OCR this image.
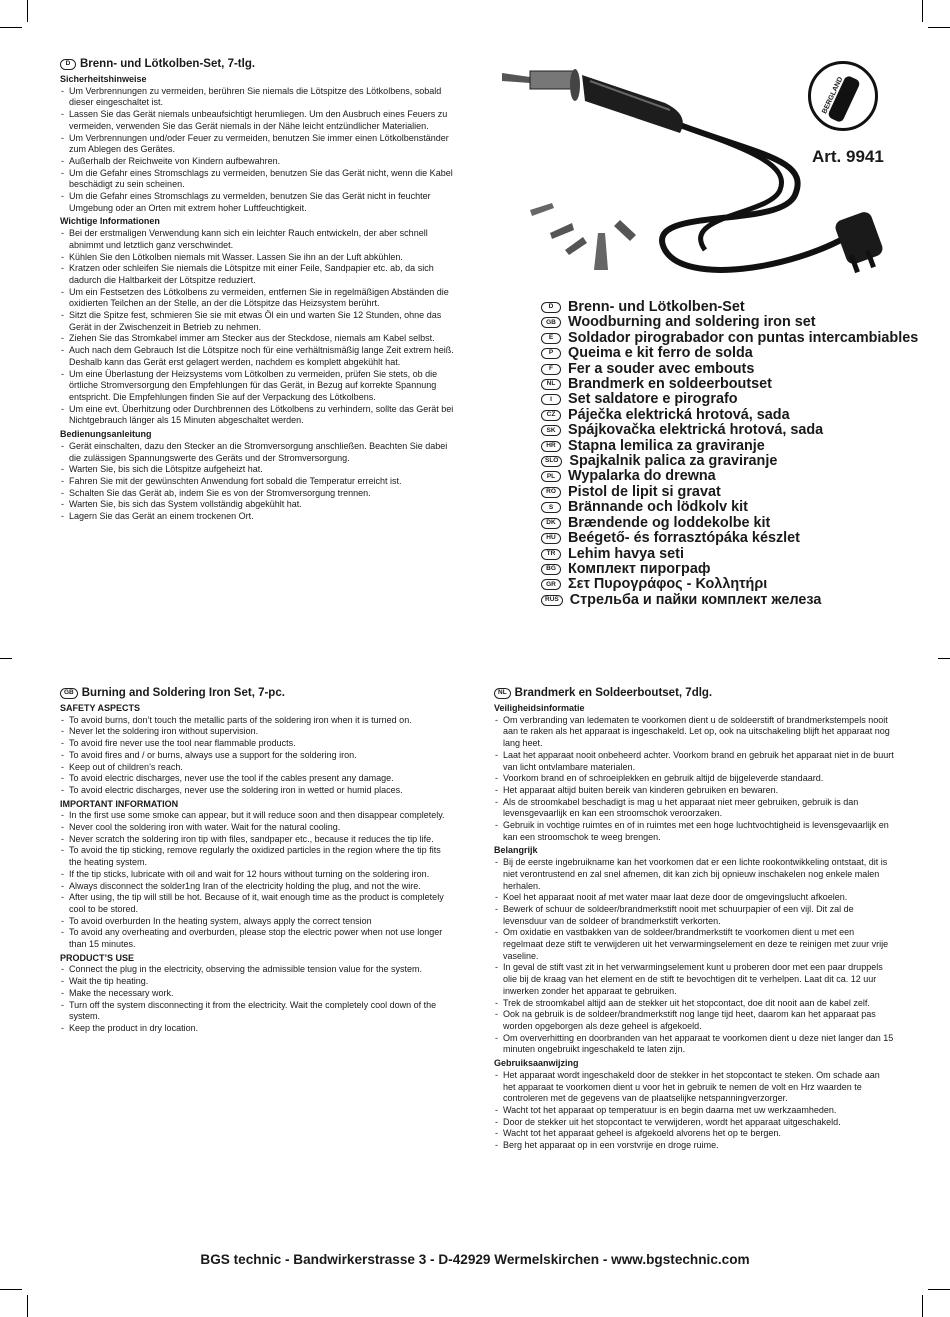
D Brenn- und Lötkolben-Set, 7-tlg.
Sicherheitshinweise
- Um Verbrennungen zu vermeiden, berühren Sie niemals die Lötspitze des Lötkolbens, sobald dieser eingeschaltet ist.
- Lassen Sie das Gerät niemals unbeaufsichtigt herumliegen. Um den Ausbruch eines Feuers zu vermeiden, verwenden Sie das Gerät niemals in der Nähe leicht entzündlicher Materialien.
- Um Verbrennungen und/oder Feuer zu vermeiden, benutzen Sie immer einen Lötkolbenständer zum Ablegen des Gerätes.
- Außerhalb der Reichweite von Kindern aufbewahren.
- Um die Gefahr eines Stromschlags zu vermeiden, benutzen Sie das Gerät nicht, wenn die Kabel beschädigt zu sein scheinen.
- Um die Gefahr eines Stromschlags zu vermelden, benutzen Sie das Gerät nicht in feuchter Umgebung oder an Orten mit extrem hoher Luftfeuchtigkeit.
Wichtige Informationen
- Bei der erstmaligen Verwendung kann sich ein leichter Rauch entwickeln, der aber schnell abnimmt und letztlich ganz verschwindet.
- Kühlen Sie den Lötkolben niemals mit Wasser. Lassen Sie ihn an der Luft abkühlen.
- Kratzen oder schleifen Sie niemals die Lötspitze mit einer Feile, Sandpapier etc. ab, da sich dadurch die Haltbarkeit der Lötspitze reduziert.
- Um ein Festsetzen des Lötkolbens zu vermeiden, entfernen Sie in regelmäßigen Abständen die oxidierten Teilchen an der Stelle, an der die Lötspitze das Heizsystem berührt.
- Sitzt die Spitze fest, schmieren Sie sie mit etwas Öl ein und warten Sie 12 Stunden, ohne das Gerät in der Zwischenzeit in Betrieb zu nehmen.
- Ziehen Sie das Stromkabel immer am Stecker aus der Steckdose, niemals am Kabel selbst.
- Auch nach dem Gebrauch Ist die Lötspitze noch für eine verhältnismäßig lange Zeit extrem heiß. Deshalb kann das Gerät erst gelagert werden, nachdem es komplett abgekühlt hat.
- Um eine Überlastung der Heizsystems vom Lötkolben zu vermeiden, prüfen Sie stets, ob die örtliche Stromversorgung den Empfehlungen für das Gerät, in Bezug auf korrekte Spannung entspricht. Die Empfehlungen finden Sie auf der Verpackung des Lötkolbens.
- Um eine evt. Überhitzung oder Durchbrennen des Lötkolbens zu verhindern, sollte das Gerät bei Nichtgebrauch länger als 15 Minuten abgeschaltet werden.
Bedienungsanleitung
- Gerät einschalten, dazu den Stecker an die Stromversorgung anschließen. Beachten Sie dabei die zulässigen Spannungswerte des Geräts und der Stromversorgung.
- Warten Sie, bis sich die Lötspitze aufgeheizt hat.
- Fahren Sie mit der gewünschten Anwendung fort sobald die Temperatur erreicht ist.
- Schalten Sie das Gerät ab, indem Sie es von der Stromversorgung trennen.
- Warten Sie, bis sich das System vollständig abgekühlt hat.
- Lagern Sie das Gerät an einem trockenen Ort.
BERGLAND
Art. 9941
D	Brenn- und Lötkolben-Set
GB Woodburning and soldering iron set
E	Soldador pirograbador con puntas intercambiables
P	Queima e kit ferro de solda
F	Fer a souder avec embouts
NL Brandmerk en soldeerboutset
I	Set saldatore e pirografo
CZ Páječka elektrická hrotová, sada
SK Spájkovačka elektrická hrotová, sada
HR Stapna lemilica za graviranje
SLO Spajkalnik palica za graviranje
PL Wypalarka do drewna
RO Pistol de lipit si gravat
S	Brännande och lödkolv kit
DK Brændende og loddekolbe kit
HU Beégető- és forrasztópáka készlet
TR Lehim havya seti
BG Комплект пирограф
GR Σετ Πυρογράφος - Κολλητήρι
RUS Стрельба и пайки комплект железа
GB Burning and Soldering Iron Set, 7-pc.
SAFETY ASPECTS
- To avoid burns, don’t touch the metallic parts of the soldering iron when it is turned on.
- Never let the soldering iron without supervision.
- To avoid fire never use the tool near flammable products.
- To avoid fires and / or burns, always use a support for the soldering iron.
- Keep out of children’s reach.
- To avoid electric discharges, never use the tool if the cables present any damage.
- To avoid electric discharges, never use the soldering iron in wetted or humid places.
IMPORTANT INFORMATION
- In the first use some smoke can appear, but it will reduce soon and then disappear completely.
- Never cool the soldering iron with water. Wait for the natural cooling.
- Never scratch the soldering iron tip with files, sandpaper etc., because it reduces the tip life.
- To avoid the tip sticking, remove regularly the oxidized particles in the region where the tip fits the heating system.
- If the tip sticks, lubricate with oil and wait for 12 hours without turning on the soldering iron.
- Always disconnect the solder1ng Iran of the electricity holding the plug, and not the wire.
- After using, the tip will still be hot. Because of it, wait enough time as the product is completely cool to be stored.
- To avoid overburden In the heating system, always apply the correct tension
- To avoid any overheating and overburden, please stop the electric power when not use longer than 15 minutes.
PRODUCT’S USE
- Connect the plug in the electricity, observing the admissible tension value for the system.
- Wait the tip heating.
- Make the necessary work.
- Turn off the system disconnecting it from the electricity. Wait the completely cool down of the system.
- Keep the product in dry location.
NL Brandmerk en Soldeerboutset, 7dlg.
Veiligheidsinformatie
- Om verbranding van ledematen te voorkomen dient u de soldeerstift of brandmerkstempels nooit aan te raken als het apparaat is ingeschakeld. Let op, ook na uitschakeling blijft het apparaat nog lang heet.
- Laat het apparaat nooit onbeheerd achter. Voorkom brand en gebruik het apparaat niet in de buurt van licht ontvlambare materialen.
- Voorkom brand en of schroeiplekken en gebruik altijd de bijgeleverde standaard.
- Het apparaat altijd buiten bereik van kinderen gebruiken en bewaren.
- Als de stroomkabel beschadigt is mag u het apparaat niet meer gebruiken, gebruik is dan levensgevaarlijk en kan een stroomschok veroorzaken.
- Gebruik in vochtige ruimtes en of in ruimtes met een hoge luchtvochtigheid is levensgevaarlijk en kan een stroomschok te weeg brengen.
Belangrijk
- Bij de eerste ingebruikname kan het voorkomen dat er een lichte rookontwikkeling ontstaat, dit is niet verontrustend en zal snel afnemen, dit kan zich bij opnieuw inschakelen nog enkele malen herhalen.
- Koel het apparaat nooit af met water maar laat deze door de omgevingslucht afkoelen.
- Bewerk of schuur de soldeer/brandmerkstift nooit met schuurpapier of een vijl. Dit zal de levensduur van de soldeer of brandmerkstift verkorten.
- Om oxidatie en vastbakken van de soldeer/brandmerkstift te voorkomen dient u met een regelmaat deze stift te verwijderen uit het verwarmingselement en deze te reinigen met zuur vrije vaseline.
- In geval de stift vast zit in het verwarmingselement kunt u proberen door met een paar druppels olie bij de kraag van het element en de stift te bevochtigen dit te verhelpen. Laat dit ca. 12 uur inwerken zonder het apparaat te gebruiken.
- Trek de stroomkabel altijd aan de stekker uit het stopcontact, doe dit nooit aan de kabel zelf.
- Ook na gebruik is de soldeer/brandmerkstift nog lange tijd heet, daarom kan het apparaat pas worden opgeborgen als deze geheel is afgekoeld.
- Om oververhitting en doorbranden van het apparaat te voorkomen dient u deze niet langer dan 15 minuten ongebruikt ingeschakeld te laten zijn.
Gebruiksaanwijzing
- Het apparaat wordt ingeschakeld door de stekker in het stopcontact te steken. Om schade aan het apparaat te voorkomen dient u voor het in gebruik te nemen de volt en Hrz waarden te controleren met de gegevens van de plaatselijke netspanningverzorger.
- Wacht tot het apparaat op temperatuur is en begin daarna met uw werkzaamheden.
- Door de stekker uit het stopcontact te verwijderen, wordt het apparaat uitgeschakeld.
- Wacht tot het apparaat geheel is afgekoeld alvorens het op te bergen.
- Berg het apparaat op in een vorstvrije en droge ruime.
BGS technic - Bandwirkerstrasse 3 - D-42929 Wermelskirchen - www.bgstechnic.com
